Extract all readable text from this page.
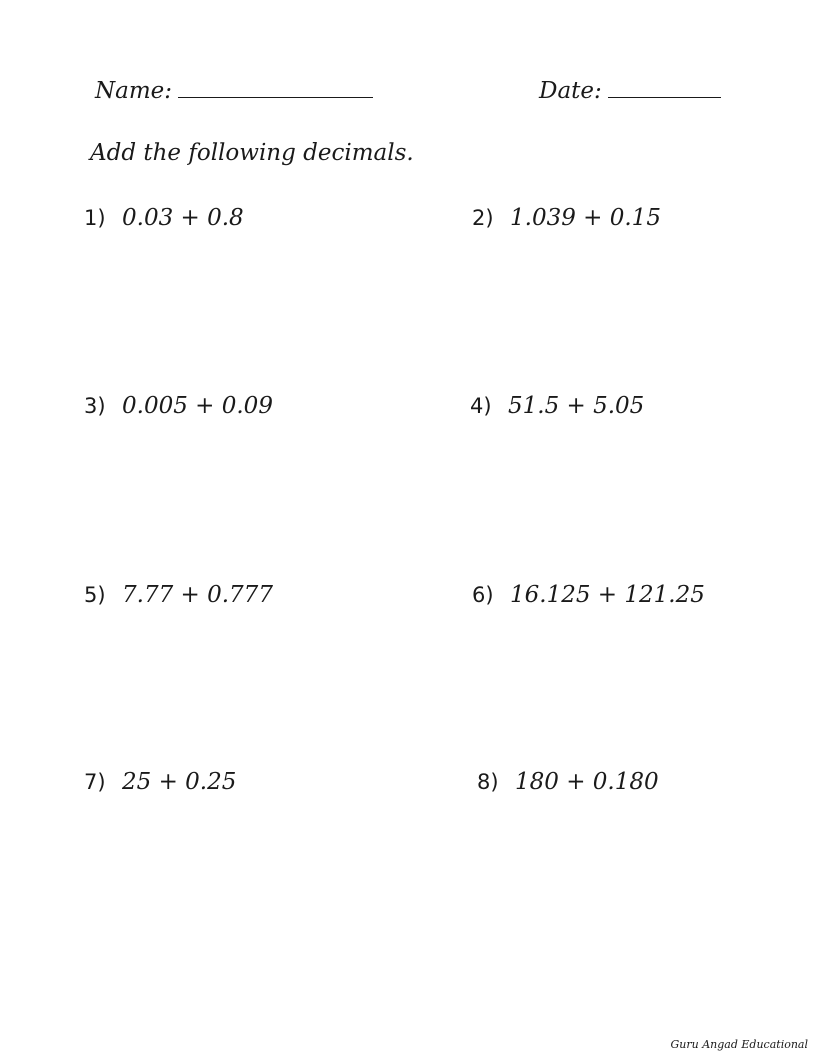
Name:	Date:
Add the following decimals.
1) 0.03 + 0.8	2) 1.039 + 0.15
3) 0.005 + 0.09	4) 51.5 + 5.05
5) 7.77 + 0.777	6) 16.125 + 121.25
7) 25 + 0.25	8) 180 + 0.180
Guru Angad Educational
